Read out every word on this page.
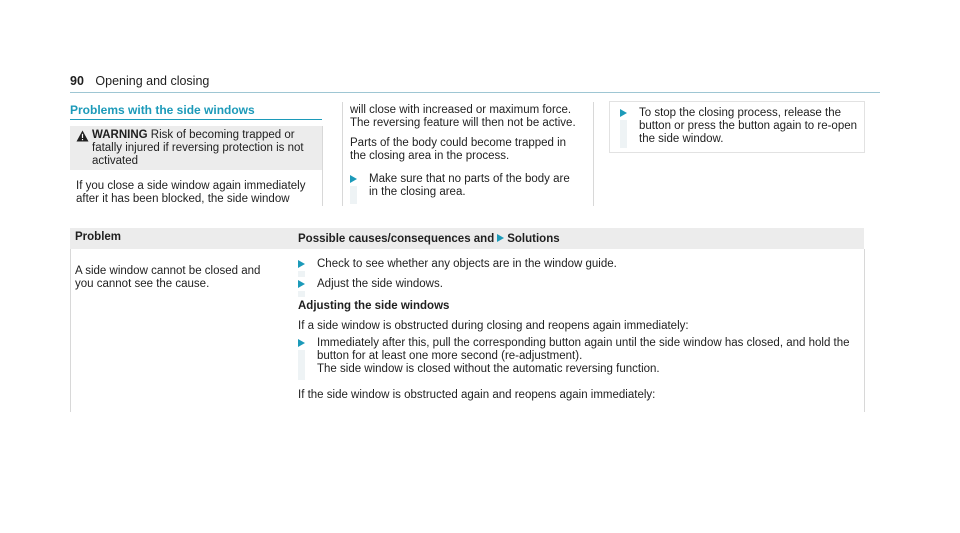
90 Opening and closing
Problems with the side windows
WARNING Risk of becoming trapped or fatally injured if reversing protection is not activated
If you close a side window again immediately after it has been blocked, the side window

will close with increased or maximum force. The reversing feature will then not be active.

Parts of the body could become trapped in the closing area in the process.

Make sure that no parts of the body are in the closing area.
To stop the closing process, release the button or press the button again to re-open the side window.
Problem	Possible causes/consequences and Solutions
A side window cannot be closed and you cannot see the cause.
Check to see whether any objects are in the window guide.
Adjust the side windows.
Adjusting the side windows
If a side window is obstructed during closing and reopens again immediately:
Immediately after this, pull the corresponding button again until the side window has closed, and hold the button for at least one more second (re-adjustment).
The side window is closed without the automatic reversing function.
If the side window is obstructed again and reopens again immediately:
